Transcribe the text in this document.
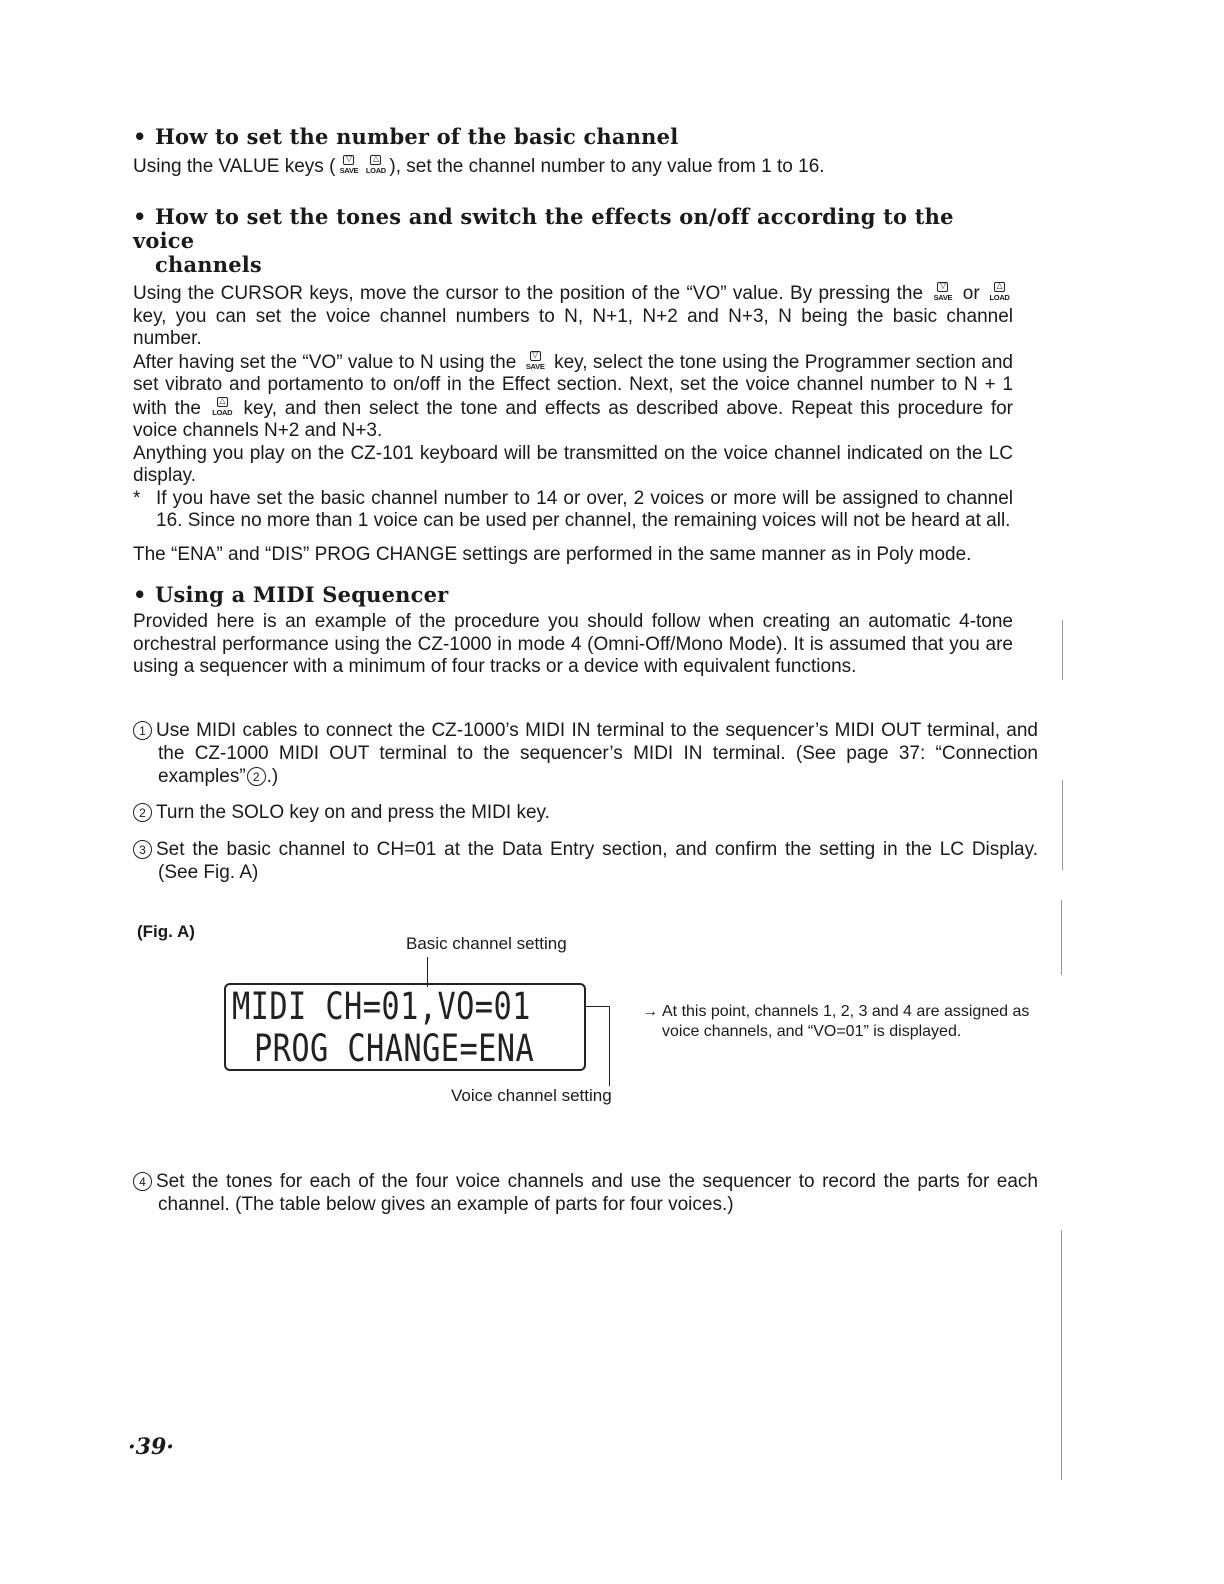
• How to set the number of the basic channel

Using the VALUE keys (	▽
SAVE
△
LOAD ), set the channel number to any value from 1 to 16.

• How to set the tones and switch the effects on/off according to the voice
channels

Using the CURSOR keys, move the cursor to the position of the “VO” value. By pressing the	▽
SAVE or	△
LOAD
key, you can set the voice channel numbers to N, N+1, N+2 and N+3, N being the basic channel number.

After having set the “VO” value to N using the	▽
SAVE key, select the tone using the Programmer section and set vibrato and portamento to on/off in the Effect section. Next, set the voice channel number to N + 1 with the	△
LOAD key, and then select the tone and effects as described above. Repeat this procedure for voice channels N+2 and N+3.

Anything you play on the CZ-101 keyboard will be transmitted on the voice channel indicated on the LC display.

* If you have set the basic channel number to 14 or over, 2 voices or more will be assigned to channel 16. Since no more than 1 voice can be used per channel, the remaining voices will not be heard at all.

The “ENA” and “DIS” PROG CHANGE settings are performed in the same manner as in Poly mode.

• Using a MIDI Sequencer

Provided here is an example of the procedure you should follow when creating an automatic 4-tone orchestral performance using the CZ-1000 in mode 4 (Omni-Off/Mono Mode). It is assumed that you are using a sequencer with a minimum of four tracks or a device with equivalent functions.

1 Use MIDI cables to connect the CZ-1000’s MIDI IN terminal to the sequencer’s MIDI OUT terminal, and the CZ-1000 MIDI OUT terminal to the sequencer’s MIDI IN terminal. (See page 37: “Connection examples” 2 .)
2 Turn the SOLO key on and press the MIDI key.
3 Set the basic channel to CH=01 at the Data Entry section, and confirm the setting in the LC Display. (See Fig. A)
(Fig. A)
Basic channel setting
MIDI CH=01,VO=01
PROG CHANGE=ENA
Voice channel setting
→ At this point, channels 1, 2, 3 and 4 are assigned as voice channels, and “VO=01” is displayed.
4 Set the tones for each of the four voice channels and use the sequencer to record the parts for each channel. (The table below gives an example of parts for four voices.)
·39·
